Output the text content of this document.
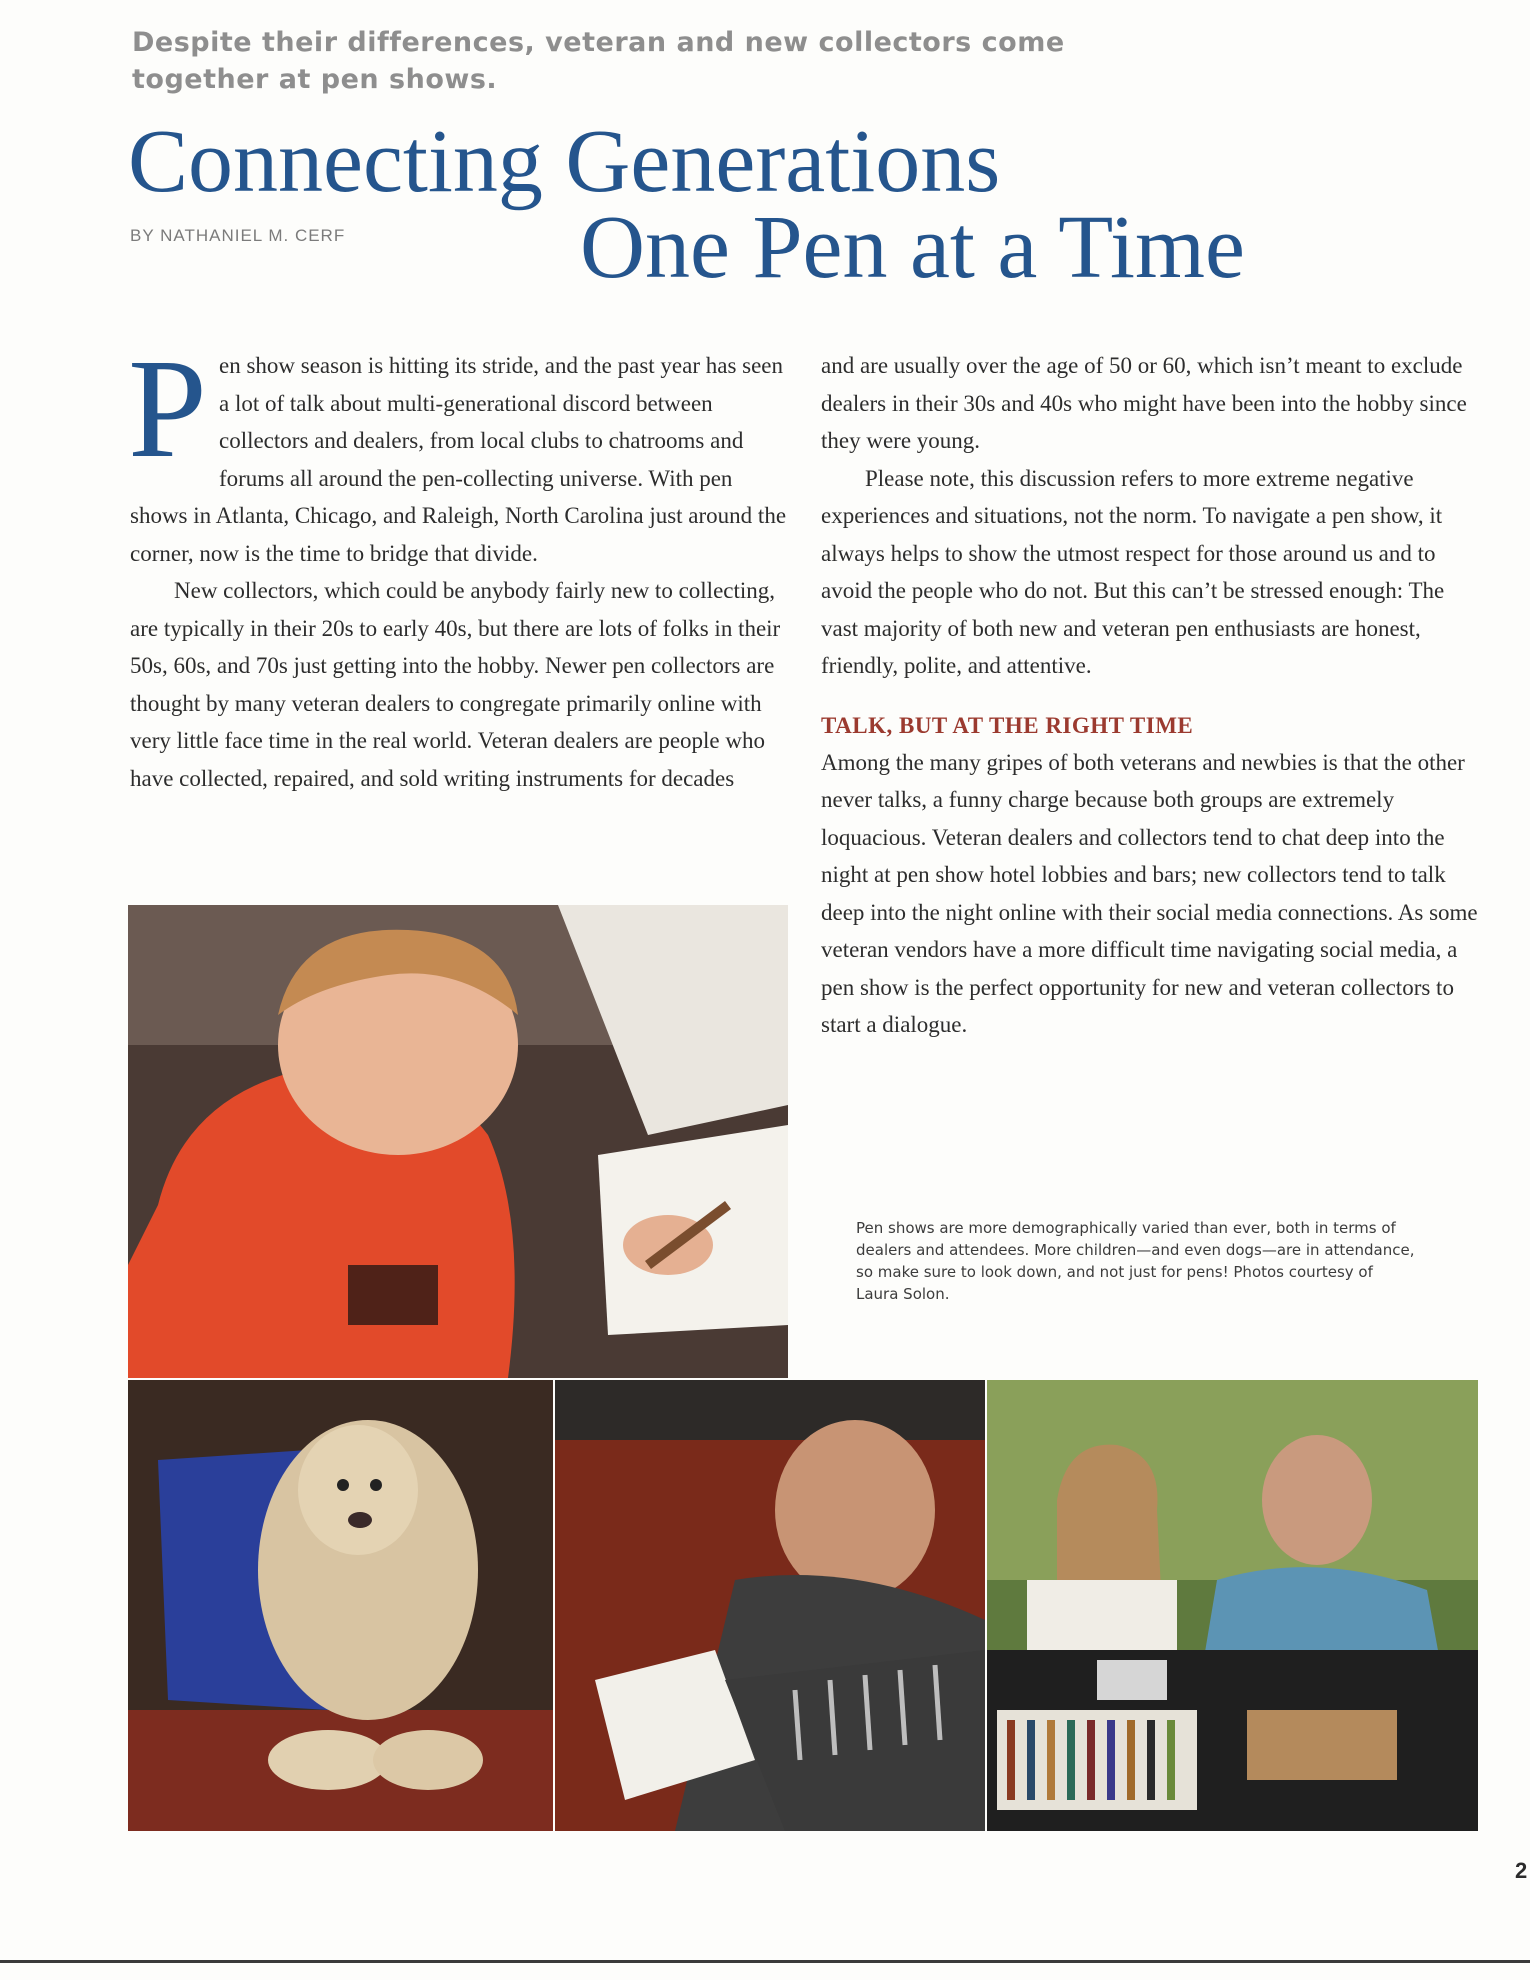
Despite their differences, veteran and new collectors come together at pen shows.
Connecting Generations
BY NATHANIEL M. CERF	One Pen at a Time

Pen show season is hitting its stride, and the past year has seen a lot of talk about multi-generational discord between collectors and dealers, from local clubs to chatrooms and forums all around the pen-collecting universe. With pen shows in Atlanta, Chicago, and Raleigh, North Carolina just around the corner, now is the time to bridge that divide.

New collectors, which could be anybody fairly new to collecting, are typically in their 20s to early 40s, but there are lots of folks in their 50s, 60s, and 70s just getting into the hobby. Newer pen collectors are thought by many veteran dealers to congregate primarily online with very little face time in the real world. Veteran dealers are people who have collected, repaired, and sold writing instruments for decades

and are usually over the age of 50 or 60, which isn’t meant to exclude dealers in their 30s and 40s who might have been into the hobby since they were young.

Please note, this discussion refers to more extreme negative experiences and situations, not the norm. To navigate a pen show, it always helps to show the utmost respect for those around us and to avoid the people who do not. But this can’t be stressed enough: The vast majority of both new and veteran pen enthusiasts are honest, friendly, polite, and attentive.

TALK, BUT AT THE RIGHT TIME

Among the many gripes of both veterans and newbies is that the other never talks, a funny charge because both groups are extremely loquacious. Veteran dealers and collectors tend to chat deep into the night at pen show hotel lobbies and bars; new collectors tend to talk deep into the night online with their social media connections. As some veteran vendors have a more difficult time navigating social media, a pen show is the perfect opportunity for new and veteran collectors to start a dialogue.

Pen shows are more demographically varied than ever, both in terms of dealers and attendees. More children—and even dogs—are in attendance, so make sure to look down, and not just for pens! Photos courtesy of Laura Solon.
2
